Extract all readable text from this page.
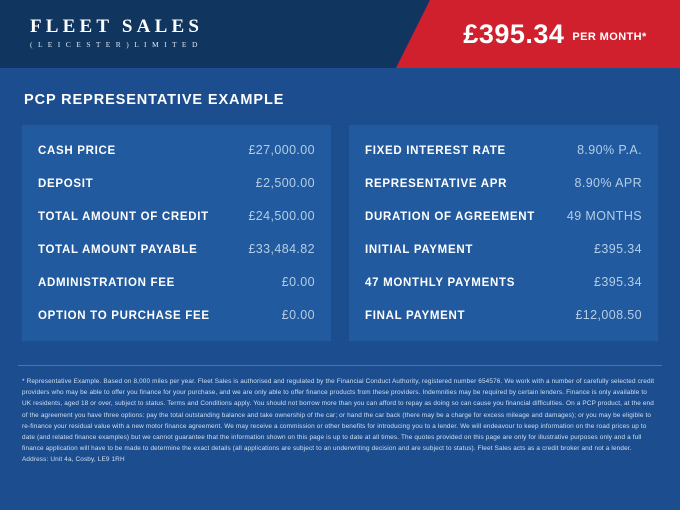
FLEET SALES
( L E I C E S T E R ) L I M I T E D	£395.34 PER MONTH*
PCP REPRESENTATIVE EXAMPLE
CASH PRICE	£27,000.00
DEPOSIT	£2,500.00
TOTAL AMOUNT OF CREDIT	£24,500.00
TOTAL AMOUNT PAYABLE	£33,484.82
ADMINISTRATION FEE	£0.00
OPTION TO PURCHASE FEE	£0.00
FIXED INTEREST RATE	8.90% P.A.
REPRESENTATIVE APR	8.90% APR
DURATION OF AGREEMENT	49 MONTHS
INITIAL PAYMENT	£395.34
47 MONTHLY PAYMENTS	£395.34
FINAL PAYMENT	£12,008.50
* Representative Example. Based on 8,000 miles per year. Fleet Sales is authorised and regulated by the Financial Conduct Authority, registered number 654576. We work with a number of carefully selected credit providers who may be able to offer you finance for your purchase, and we are only able to offer finance products from these providers. Indemnities may be required by certain lenders. Finance is only available to UK residents, aged 18 or over, subject to status. Terms and Conditions apply. You should not borrow more than you can afford to repay as doing so can cause you financial difficulties. On a PCP product, at the end of the agreement you have three options: pay the total outstanding balance and take ownership of the car; or hand the car back (there may be a charge for excess mileage and damages); or you may be eligible to re-finance your residual value with a new motor finance agreement. We may receive a commission or other benefits for introducing you to a lender. We will endeavour to keep information on the road prices up to date (and related finance examples) but we cannot guarantee that the information shown on this page is up to date at all times. The quotes provided on this page are only for illustrative purposes only and a full finance application will have to be made to determine the exact details (all applications are subject to an underwriting decision and are subject to status). Fleet Sales acts as a credit broker and not a lender. Address: Unit 4a, Cosby, LE9 1RH
